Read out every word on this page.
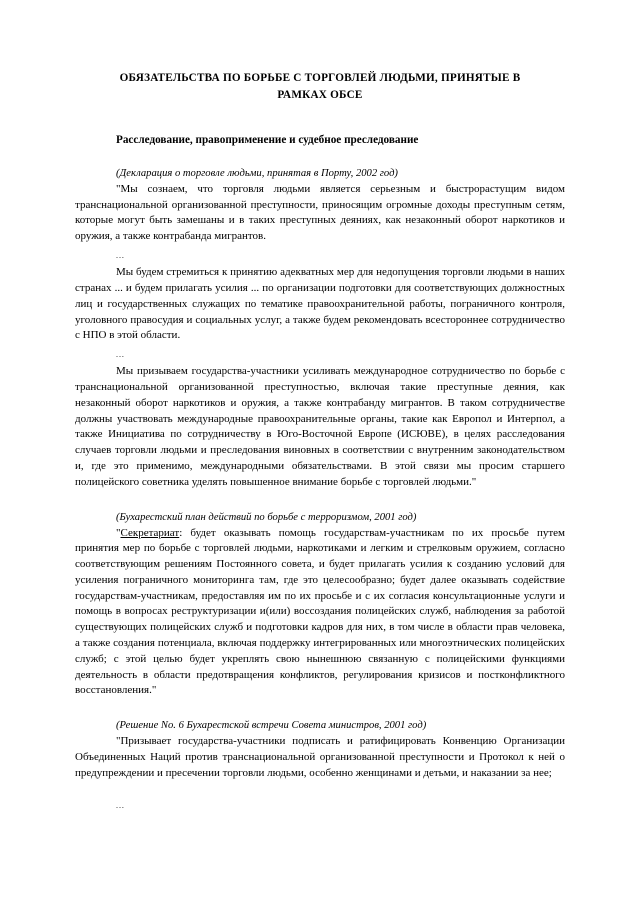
ОБЯЗАТЕЛЬСТВА ПО БОРЬБЕ С ТОРГОВЛЕЙ ЛЮДЬМИ, ПРИНЯТЫЕ В РАМКАХ ОБСЕ
Расследование, правоприменение и судебное преследование
(Декларация о торговле людьми, принятая в Порту, 2002 год)

"Мы сознаем, что торговля людьми является серьезным и быстрорастущим видом транснациональной организованной преступности, приносящим огромные доходы преступным сетям, которые могут быть замешаны и в таких преступных деяниях, как незаконный оборот наркотиков и оружия, а также контрабанда мигрантов.

...

Мы будем стремиться к принятию адекватных мер для недопущения торговли людьми в наших странах ... и будем прилагать усилия ... по организации подготовки для соответствующих должностных лиц и государственных служащих по тематике правоохранительной работы, пограничного контроля, уголовного правосудия и социальных услуг, а также будем рекомендовать всестороннее сотрудничество с НПО в этой области.

...

Мы призываем государства-участники усиливать международное сотрудничество по борьбе с транснациональной организованной преступностью, включая такие преступные деяния, как незаконный оборот наркотиков и оружия, а также контрабанду мигрантов. В таком сотрудничестве должны участвовать международные правоохранительные органы, такие как Европол и Интерпол, а также Инициатива по сотрудничеству в Юго-Восточной Европе (ИСЮВЕ), в целях расследования случаев торговли людьми и преследования виновных в соответствии с внутренним законодательством и, где это применимо, международными обязательствами. В этой связи мы просим старшего полицейского советника уделять повышенное внимание борьбе с торговлей людьми."

(Бухарестский план действий по борьбе с терроризмом, 2001 год)

"Секретариат: будет оказывать помощь государствам-участникам по их просьбе путем принятия мер по борьбе с торговлей людьми, наркотиками и легким и стрелковым оружием, согласно соответствующим решениям Постоянного совета, и будет прилагать усилия к созданию условий для усиления пограничного мониторинга там, где это целесообразно; будет далее оказывать содействие государствам-участникам, предоставляя им по их просьбе и с их согласия консультационные услуги и помощь в вопросах реструктуризации и(или) воссоздания полицейских служб, наблюдения за работой существующих полицейских служб и подготовки кадров для них, в том числе в области прав человека, а также создания потенциала, включая поддержку интегрированных или многоэтнических полицейских служб; с этой целью будет укреплять свою нынешнюю связанную с полицейскими функциями деятельность в области предотвращения конфликтов, регулирования кризисов и постконфликтного восстановления."

(Решение No. 6 Бухарестской встречи Совета министров, 2001 год)

"Призывает государства-участники подписать и ратифицировать Конвенцию Организации Объединенных Наций против транснациональной организованной преступности и Протокол к ней о предупреждении и пресечении торговли людьми, особенно женщинами и детьми, и наказании за нее;

...
